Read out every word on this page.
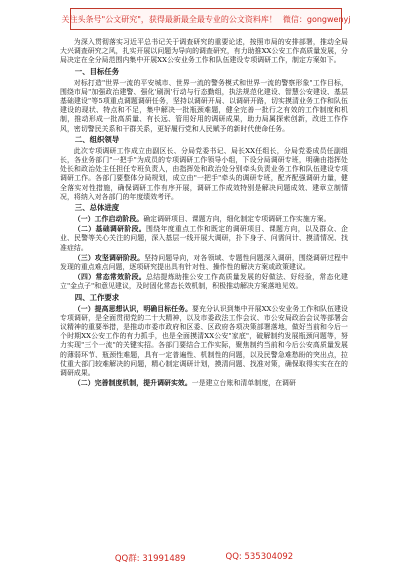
关注头条号"公文研究"，获得最新最全最专业的公文资料库！ 微信：gongwenyj

为深入贯彻落实习近平总书记关于调查研究的重要论述，按照市局的安排部署，推动全局大兴调查研究之风，扎实开展以问题为导向的调查研究，有力助推XX公安工作高质量发展，分局决定在全分局范围内集中开展XX公安业务工作和队伍建设专项调研工作，制定方案如下。

一、目标任务

对标打造"世界一流的平安城市、世界一流的警务模式和世界一流的警察形象"工作目标，围绕市局"加强政治建警、强化'刷润'行动与行态勤组，执法规范化建设、智慧公安建设、基层基础建设"等5项重点调题调研任务，坚持以调研开局、以调研开路，切实摸清业务工作和队伍建设的现状、特点和不足，集中解决一批瓶颈难题，健全完善一批行之有效的工作制度和机制，推动形成一批高质量、有长远、管用好用的调研成果，助力局属探索创新，改进工作作风，密切警民关系和干群关系，更好履行党和人民赋予的新时代使命任务。

二、组织领导

此次专项调研工作成立由副区长、分局党委书记、局长XX任组长，分局党委成员任副组长，各业务部门"一把手"为成员的专项调研工作领导小组，下设分局调研专班，明确由指挥处处长和政治处主任担任专班负责人，由指挥处和政治处分别牵头负责业务工作和队伍建设专项调研工作。各部门要整体分局规划，成立由"一把手"牵头的调研专班，配齐配强调研力量，健全落实对性措施，确保调研工作有序开展，调研工作成效特别是解决问题成效、建章立制情况，将纳入对各部门的年度绩效考评。

三、总体进度

（一）工作启动阶段。确定调研项目、课题方向，细化制定专项调研工作实施方案。

（二）基础调研阶段。围绕年度重点工作和既定的调研项目、课题方向，以及群众、企业、民警等关心关注的问题，深入基层一线开展大调研，扑下身子、问需问计、摸清情况、找准症结。

（三）攻坚调研阶段。坚持问题导向，对各领域、专题性问题深入调研，围绕调研过程中发现的重点难点问题，逐项研究提出具有针对性、操作性的解决方案或政策建议。

（四）常态常效阶段。总结提炼助推公安工作高质量发展的好做法、好经验，常态化建立"金点子"和意见建议，及时固化常态长效机制，积极推动解决方案落地见效。

四、工作要求

（一）提高思想认识，明确目标任务。要充分认识到集中开展XX公安业务工作和队伍建设专项调研，是全面贯彻党的二十大精神，以及市委政法工作会议、市公安局政治会议等部署会议精神的重要举措，是推动市委市政府和区委、区政府各项决策部署落地，做好当前和今后一个时期XX公安工作的有力抓手，也是全面摸清XX公安"家底"，破解制约发展瓶颈问题等，努力实现"三个一流"的关键实招。各部门要结合工作实际，聚焦制约当前和今后公安高质量发展的薄弱环节、瓶颈性难题，具有一定普遍性、机制性的问题，以及民警急难愁盼的突出点，拉仗重大部门较难解决的问题，精心制定调研计划，摸清问题、找准对策，确保取得实实在在的调研成果。

（二）完善制度机制，提升调研实效。一是建立台账和清单制度，在调研

QQ群: 31991489	QQ: 535304092
